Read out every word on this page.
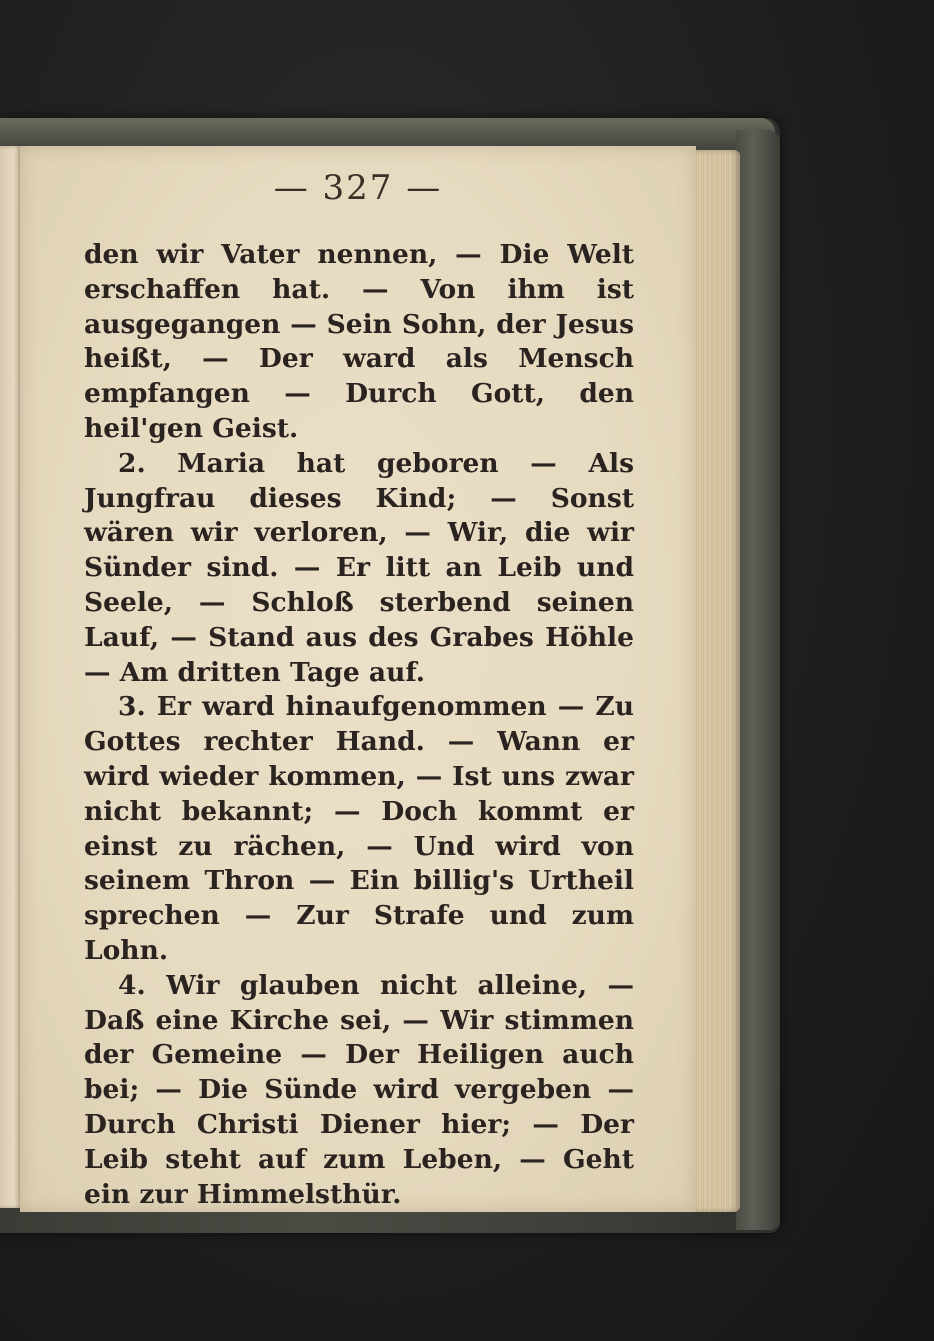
— 327 —

den wir Vater nennen, — Die Welt erschaffen hat. — Von ihm ist ausgegangen — Sein Sohn, der Jesus heißt, — Der ward als Mensch empfangen — Durch Gott, den heil'gen Geist.

2. Maria hat geboren — Als Jungfrau dieses Kind; — Sonst wären wir verloren, — Wir, die wir Sünder sind. — Er litt an Leib und Seele, — Schloß sterbend seinen Lauf, — Stand aus des Grabes Höhle — Am dritten Tage auf.

3. Er ward hinaufgenommen — Zu Gottes rechter Hand. — Wann er wird wieder kommen, — Ist uns zwar nicht bekannt; — Doch kommt er einst zu rächen, — Und wird von seinem Thron — Ein billig's Urtheil sprechen — Zur Strafe und zum Lohn.

4. Wir glauben nicht alleine, — Daß eine Kirche sei, — Wir stimmen der Gemeine — Der Heiligen auch bei; — Die Sünde wird vergeben — Durch Christi Diener hier; — Der Leib steht auf zum Leben, — Geht ein zur Himmelsthür.
